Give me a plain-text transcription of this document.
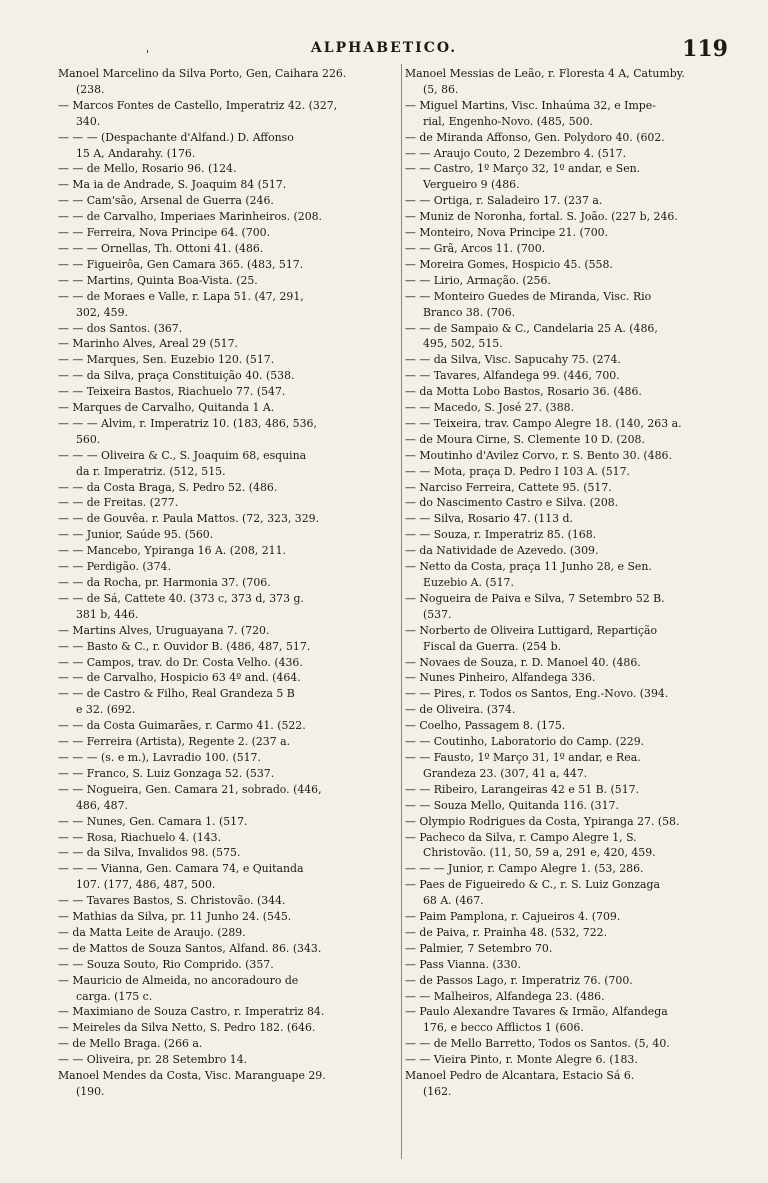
'	ALPHABETICO.	119
Manoel Marcelino da Silva Porto, Gen, Caihara 226.
(238.
— Marcos Fontes de Castello, Imperatriz 42. (327,
340.
— — — (Despachante d'Alfand.) D. Affonso
15 A, Andarahy. (176.
— — de Mello, Rosario 96. (124.
— Ma ia de Andrade, S. Joaquim 84 (517.
— — Cam'são, Arsenal de Guerra (246.
— — de Carvalho, Imperiaes Marinheiros. (208.
— — Ferreira, Nova Principe 64. (700.
— — — Ornellas, Th. Ottoni 41. (486.
— — Figueirôa, Gen Camara 365. (483, 517.
— — Martins, Quinta Boa-Vista. (25.
— — de Moraes e Valle, r. Lapa 51. (47, 291,
302, 459.
— — dos Santos. (367.
— Marinho Alves, Areal 29 (517.
— — Marques, Sen. Euzebio 120. (517.
— — da Silva, praça Constituição 40. (538.
— — Teixeira Bastos, Riachuelo 77. (547.
— Marques de Carvalho, Quitanda 1 A.
— — — Alvim, r. Imperatriz 10. (183, 486, 536,
560.
— — — Oliveira & C., S. Joaquim 68, esquina
da r. Imperatriz. (512, 515.
— — da Costa Braga, S. Pedro 52. (486.
— — de Freitas. (277.
— — de Gouvêa. r. Paula Mattos. (72, 323, 329.
— — Junior, Saúde 95. (560.
— — Mancebo, Ypiranga 16 A. (208, 211.
— — Perdigão. (374.
— — da Rocha, pr. Harmonia 37. (706.
— — de Sá, Cattete 40. (373 c, 373 d, 373 g.
381 b, 446.
— Martins Alves, Uruguayana 7. (720.
— — Basto & C., r. Ouvidor B. (486, 487, 517.
— — Campos, trav. do Dr. Costa Velho. (436.
— — de Carvalho, Hospicio 63 4º and. (464.
— — de Castro & Filho, Real Grandeza 5 B
e 32. (692.
— — da Costa Guimarães, r. Carmo 41. (522.
— — Ferreira (Artista), Regente 2. (237 a.
— — — (s. e m.), Lavradio 100. (517.
— — Franco, S. Luiz Gonzaga 52. (537.
— — Nogueira, Gen. Camara 21, sobrado. (446,
486, 487.
— — Nunes, Gen. Camara 1. (517.
— — Rosa, Riachuelo 4. (143.
— — da Silva, Invalidos 98. (575.
— — — Vianna, Gen. Camara 74, e Quitanda
107. (177, 486, 487, 500.
— — Tavares Bastos, S. Christovão. (344.
— Mathias da Silva, pr. 11 Junho 24. (545.
— da Matta Leite de Araujo. (289.
— de Mattos de Souza Santos, Alfand. 86. (343.
— — Souza Souto, Rio Comprido. (357.
— Mauricio de Almeida, no ancoradouro de
carga. (175 c.
— Maximiano de Souza Castro, r. Imperatriz 84.
— Meireles da Silva Netto, S. Pedro 182. (646.
— de Mello Braga. (266 a.
— — Oliveira, pr. 28 Setembro 14.
Manoel Mendes da Costa, Visc. Maranguape 29.
(190.
Manoel Messias de Leão, r. Floresta 4 A, Catumby.
(5, 86.
— Miguel Martins, Visc. Inhaúma 32, e Impe-
rial, Engenho-Novo. (485, 500.
— de Miranda Affonso, Gen. Polydoro 40. (602.
— — Araujo Couto, 2 Dezembro 4. (517.
— — Castro, 1º Março 32, 1º andar, e Sen.
Vergueiro 9 (486.
— — Ortiga, r. Saladeiro 17. (237 a.
— Muniz de Noronha, fortal. S. João. (227 b, 246.
— Monteiro, Nova Principe 21. (700.
— — Grã, Arcos 11. (700.
— Moreira Gomes, Hospicio 45. (558.
— — Lirio, Armação. (256.
— — Monteiro Guedes de Miranda, Visc. Rio
Branco 38. (706.
— — de Sampaio & C., Candelaria 25 A. (486,
495, 502, 515.
— — da Silva, Visc. Sapucahy 75. (274.
— — Tavares, Alfandega 99. (446, 700.
— da Motta Lobo Bastos, Rosario 36. (486.
— — Macedo, S. José 27. (388.
— — Teixeira, trav. Campo Alegre 18. (140, 263 a.
— de Moura Cirne, S. Clemente 10 D. (208.
— Moutinho d'Avilez Corvo, r. S. Bento 30. (486.
— — Mota, praça D. Pedro I 103 A. (517.
— Narciso Ferreira, Cattete 95. (517.
— do Nascimento Castro e Silva. (208.
— — Silva, Rosario 47. (113 d.
— — Souza, r. Imperatriz 85. (168.
— da Natividade de Azevedo. (309.
— Netto da Costa, praça 11 Junho 28, e Sen.
Euzebio A. (517.
— Nogueira de Paiva e Silva, 7 Setembro 52 B.
(537.
— Norberto de Oliveira Luttigard, Repartição
Fiscal da Guerra. (254 b.
— Novaes de Souza, r. D. Manoel 40. (486.
— Nunes Pinheiro, Alfandega 336.
— — Pires, r. Todos os Santos, Eng.-Novo. (394.
— de Oliveira. (374.
— Coelho, Passagem 8. (175.
— — Coutinho, Laboratorio do Camp. (229.
— — Fausto, 1º Março 31, 1º andar, e Rea.
Grandeza 23. (307, 41 a, 447.
— — Ribeiro, Larangeiras 42 e 51 B. (517.
— — Souza Mello, Quitanda 116. (317.
— Olympio Rodrigues da Costa, Ypiranga 27. (58.
— Pacheco da Silva, r. Campo Alegre 1, S.
Christovão. (11, 50, 59 a, 291 e, 420, 459.
— — — Junior, r. Campo Alegre 1. (53, 286.
— Paes de Figueiredo & C., r. S. Luiz Gonzaga
68 A. (467.
— Paim Pamplona, r. Cajueiros 4. (709.
— de Paiva, r. Prainha 48. (532, 722.
— Palmier, 7 Setembro 70.
— Pass Vianna. (330.
— de Passos Lago, r. Imperatriz 76. (700.
— — Malheiros, Alfandega 23. (486.
— Paulo Alexandre Tavares & Irmão, Alfandega
176, e becco Afflictos 1 (606.
— — de Mello Barretto, Todos os Santos. (5, 40.
— — Vieira Pinto, r. Monte Alegre 6. (183.
Manoel Pedro de Alcantara, Estacio Sá 6.
(162.
